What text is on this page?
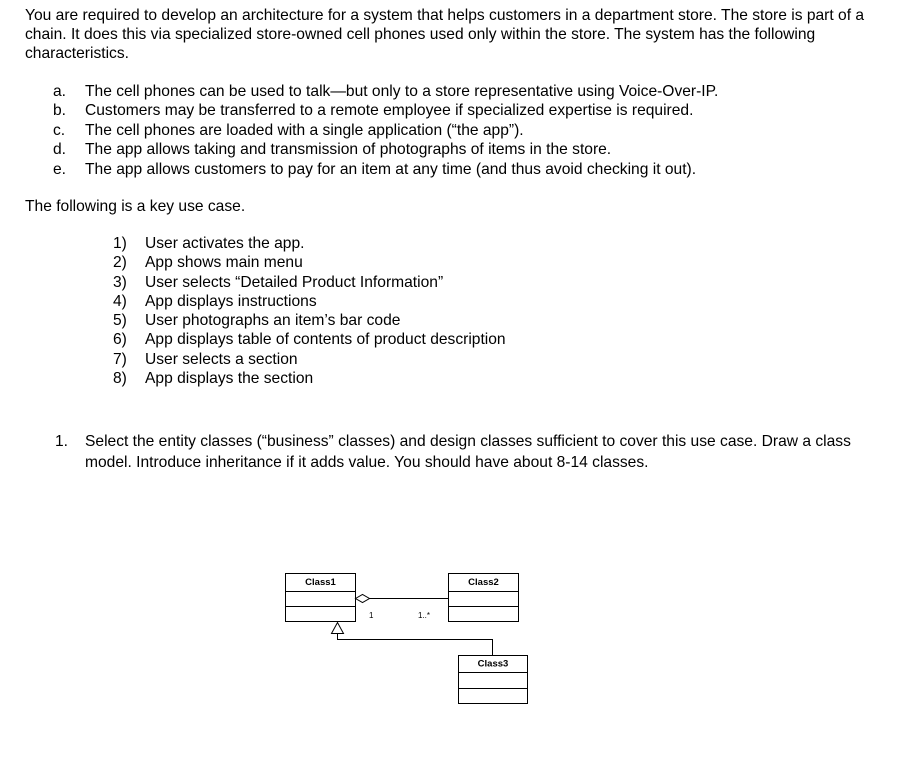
You are required to develop an architecture for a system that helps customers in a department store. The store is part of a chain. It does this via specialized store-owned cell phones used only within the store. The system has the following characteristics.

a. The cell phones can be used to talk—but only to a store representative using Voice-Over-IP.
b. Customers may be transferred to a remote employee if specialized expertise is required.
c. The cell phones are loaded with a single application (“the app”).
d. The app allows taking and transmission of photographs of items in the store.
e. The app allows customers to pay for an item at any time (and thus avoid checking it out).

The following is a key use case.

1) User activates the app.
2) App shows main menu
3) User selects “Detailed Product Information”
4) App displays instructions
5) User photographs an item’s bar code
6) App displays table of contents of product description
7) User selects a section
8) App displays the section
1. Select the entity classes (“business” classes) and design classes sufficient to cover this use case. Draw a class model. Introduce inheritance if it adds value. You should have about 8-14 classes.
Class1	Class2
Class3
1	1..*
